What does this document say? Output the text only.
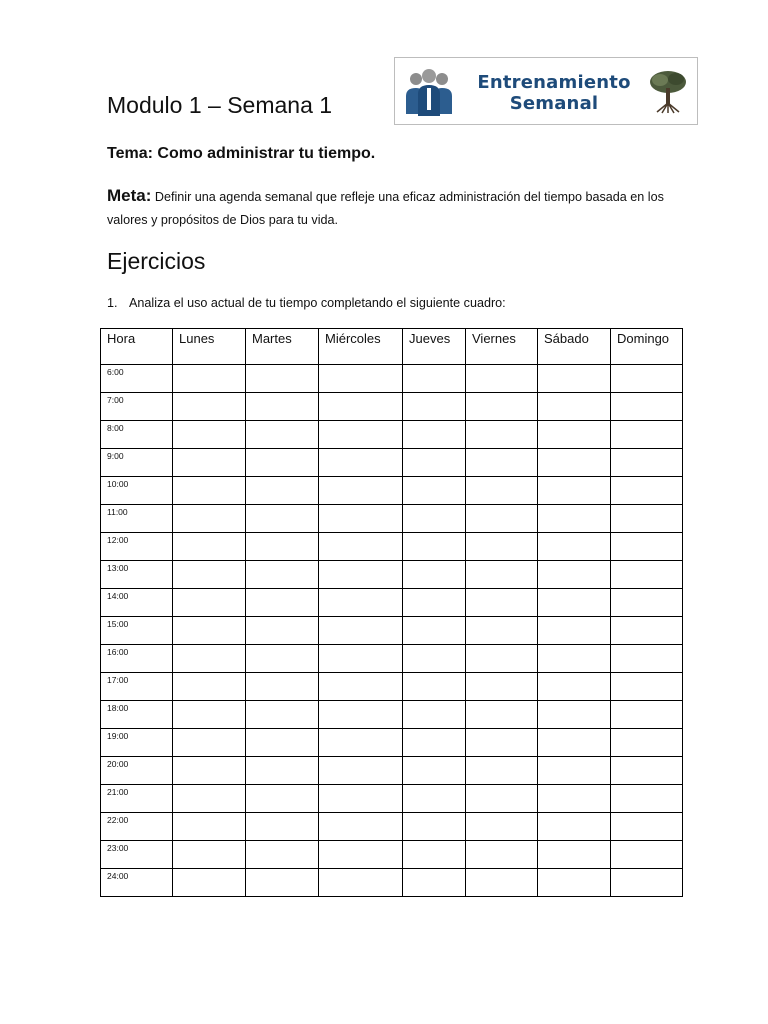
Modulo 1 – Semana 1
Entrenamiento
Semanal

Tema: Como administrar tu tiempo.

Meta: Definir una agenda semanal que refleje una eficaz administración del tiempo basada en los valores y propósitos de Dios para tu vida.

Ejercicios

1. Analiza el uso actual de tu tiempo completando el siguiente cuadro:

Hora	Lunes	Martes	Miércoles	Jueves	Viernes	Sábado	Domingo
6:00							
7:00							
8:00							
9:00							
10:00							
11:00							
12:00							
13:00							
14:00							
15:00							
16:00							
17:00							
18:00							
19:00							
20:00							
21:00							
22:00							
23:00							
24:00							
